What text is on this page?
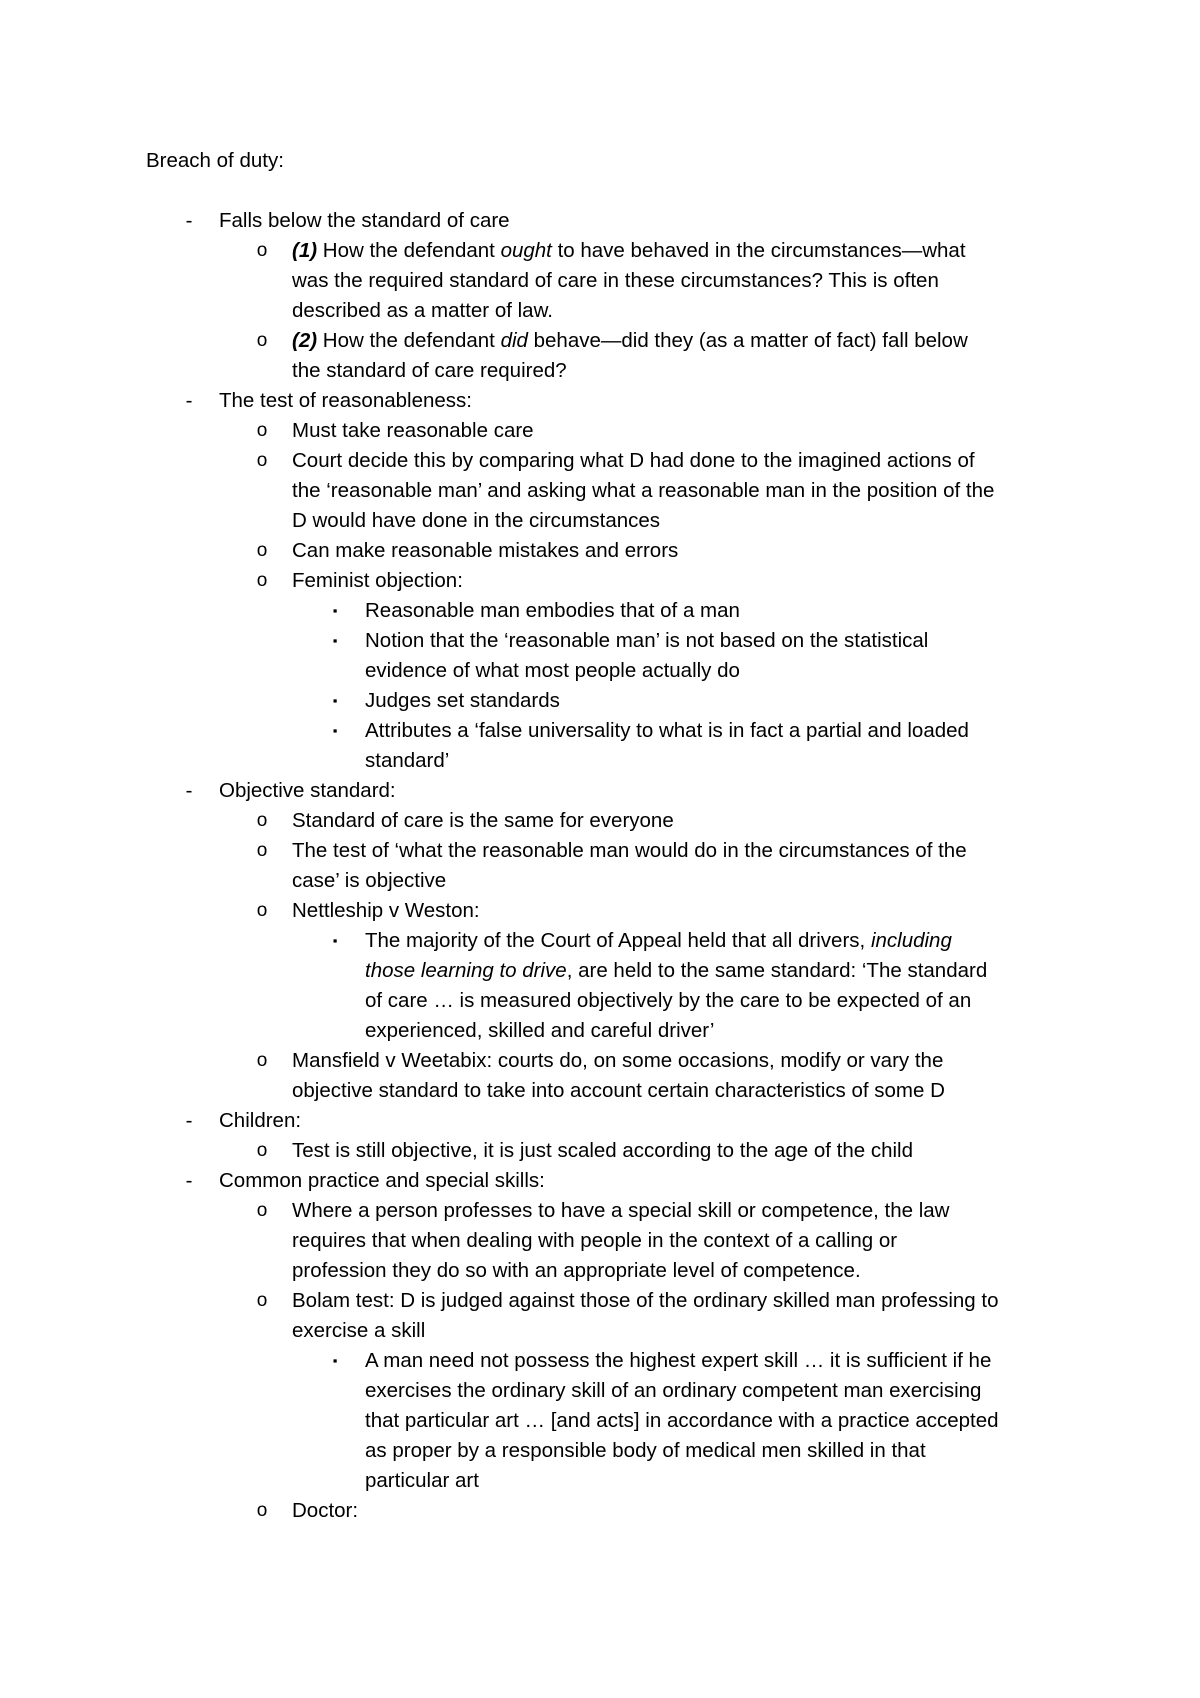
Breach of duty:
-	Falls below the standard of care
o (1) How the defendant ought to have behaved in the circumstances—what
was the required standard of care in these circumstances? This is often
described as a matter of law.
o (2) How the defendant did behave—did they (as a matter of fact) fall below
the standard of care required?
-	The test of reasonableness:
o Must take reasonable care
o Court decide this by comparing what D had done to the imagined actions of
the ‘reasonable man’ and asking what a reasonable man in the position of the
D would have done in the circumstances
o Can make reasonable mistakes and errors
o Feminist objection:
▪	Reasonable man embodies that of a man
▪	Notion that the ‘reasonable man’ is not based on the statistical
evidence of what most people actually do
▪	Judges set standards
▪	Attributes a ‘false universality to what is in fact a partial and loaded
standard’
-	Objective standard:
o Standard of care is the same for everyone
o The test of ‘what the reasonable man would do in the circumstances of the
case’ is objective
o Nettleship v Weston:
▪	The majority of the Court of Appeal held that all drivers, including
those learning to drive, are held to the same standard: ‘The standard
of care … is measured objectively by the care to be expected of an
experienced, skilled and careful driver’
o Mansfield v Weetabix: courts do, on some occasions, modify or vary the
objective standard to take into account certain characteristics of some D
-	Children:
o Test is still objective, it is just scaled according to the age of the child
-	Common practice and special skills:
o Where a person professes to have a special skill or competence, the law
requires that when dealing with people in the context of a calling or
profession they do so with an appropriate level of competence.
o Bolam test: D is judged against those of the ordinary skilled man professing to
exercise a skill
▪	A man need not possess the highest expert skill … it is sufficient if he
exercises the ordinary skill of an ordinary competent man exercising
that particular art … [and acts] in accordance with a practice accepted
as proper by a responsible body of medical men skilled in that
particular art
o Doctor:
